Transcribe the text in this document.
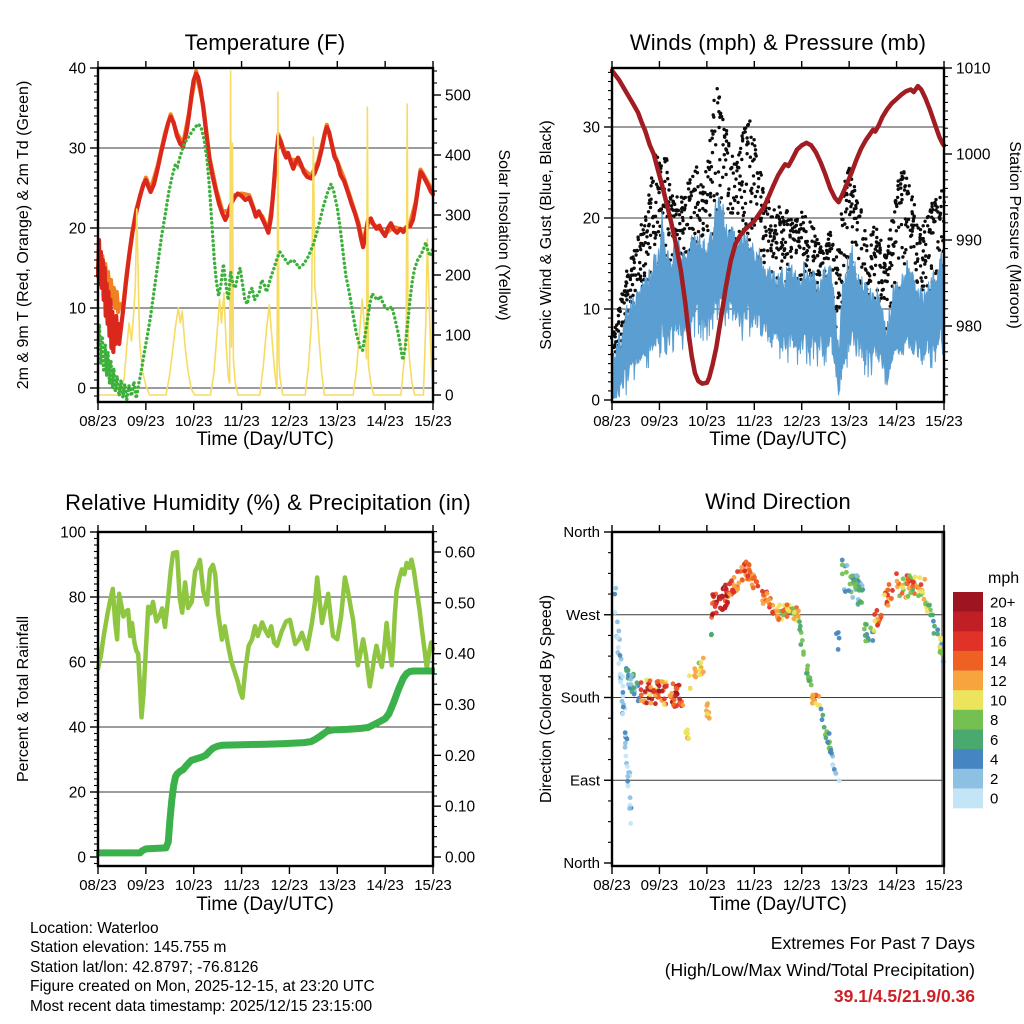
08/23 09/23 10/23 11/23 12/23 13/23 14/23 15/23
0
10
20
30
40
0
100
200
300
400
500
08/23 09/23 10/23 11/23 12/23 13/23 14/23 15/23
0
10
20
30
980
990
1000
1010
08/23 09/23 10/23 11/23 12/23 13/23 14/23 15/23
0
20
40
60
80
100
0.00
0.10
0.20
0.30
0.40
0.50
0.60
08/23 09/23 10/23 11/23 12/23 13/23 14/23 15/23
North
West
South
East
North
20+
18
16
14
12
10
8
6
4
2
0
2m & 9m T (Red, Orange) & 2m Td (Green)	Solar Insolation (Yellow) Sonic Wind & Gust (Blue, Black)	Station Pressure (Maroon)
Percent & Total Rainfall	Direction (Colored By Speed)
Temperature (F)	Winds (mph) & Pressure (mb)
Relative Humidity (%) & Precipitation (in)	Wind Direction
Time (Day/UTC)	Time (Day/UTC)
Time (Day/UTC)	Time (Day/UTC)
mph
Location: Waterloo
Station elevation: 145.755 m
Station lat/lon: 42.8797; -76.8126
Figure created on Mon, 2025-12-15, at 23:20 UTC
Most recent data timestamp: 2025/12/15 23:15:00
Extremes For Past 7 Days
(High/Low/Max Wind/Total Precipitation)
39.1/4.5/21.9/0.36
